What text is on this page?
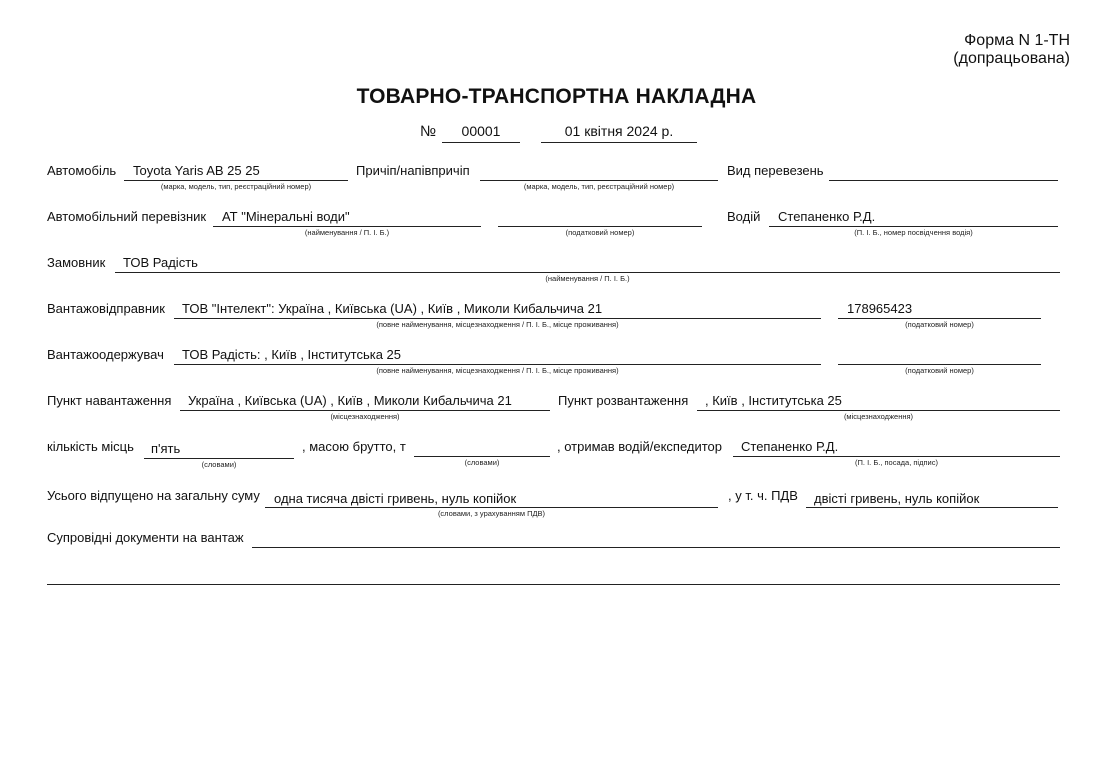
Форма N 1-ТН
(допрацьована)
ТОВАРНО-ТРАНСПОРТНА НАКЛАДНА
№	00001	01 квітня 2024 р.
Автомобіль Toyota Yaris AB 25 25
(марка, модель, тип, реєстраційний номер)
Причіп/напівпричіп
(марка, модель, тип, реєстраційний номер)
Вид перевезень
Автомобільний перевізник АТ "Мінеральні води"
(найменування / П. І. Б.)	(податковий номер)
Водій Степаненко Р.Д.
(П. І. Б., номер посвідчення водія)
Замовник ТОВ Радість
(найменування / П. І. Б.)
Вантажовідправник ТОВ "Інтелект": Україна , Київська (UA) , Київ , Миколи Кибальчича 21
(повне найменування, місцезнаходження / П. І. Б., місце проживання)
178965423
(податковий номер)
Вантажоодержувач ТОВ Радість: , Київ , Інститутська 25
(повне найменування, місцезнаходження / П. І. Б., місце проживання)	(податковий номер)
Пункт навантаження Україна , Київська (UA) , Київ , Миколи Кибальчича 21
(місцезнаходження)
Пункт розвантаження , Київ , Інститутська 25
(місцезнаходження)
кількість місць п'ять
(словами)
, масою брутто, т
(словами)
, отримав водій/експедитор Степаненко Р.Д.
(П. І. Б., посада, підпис)
Усього відпущено на загальну суму одна тисяча двісті гривень, нуль копійок
(словами, з урахуванням ПДВ)
, у т. ч. ПДВ двісті гривень, нуль копійок
Супровідні документи на вантаж
